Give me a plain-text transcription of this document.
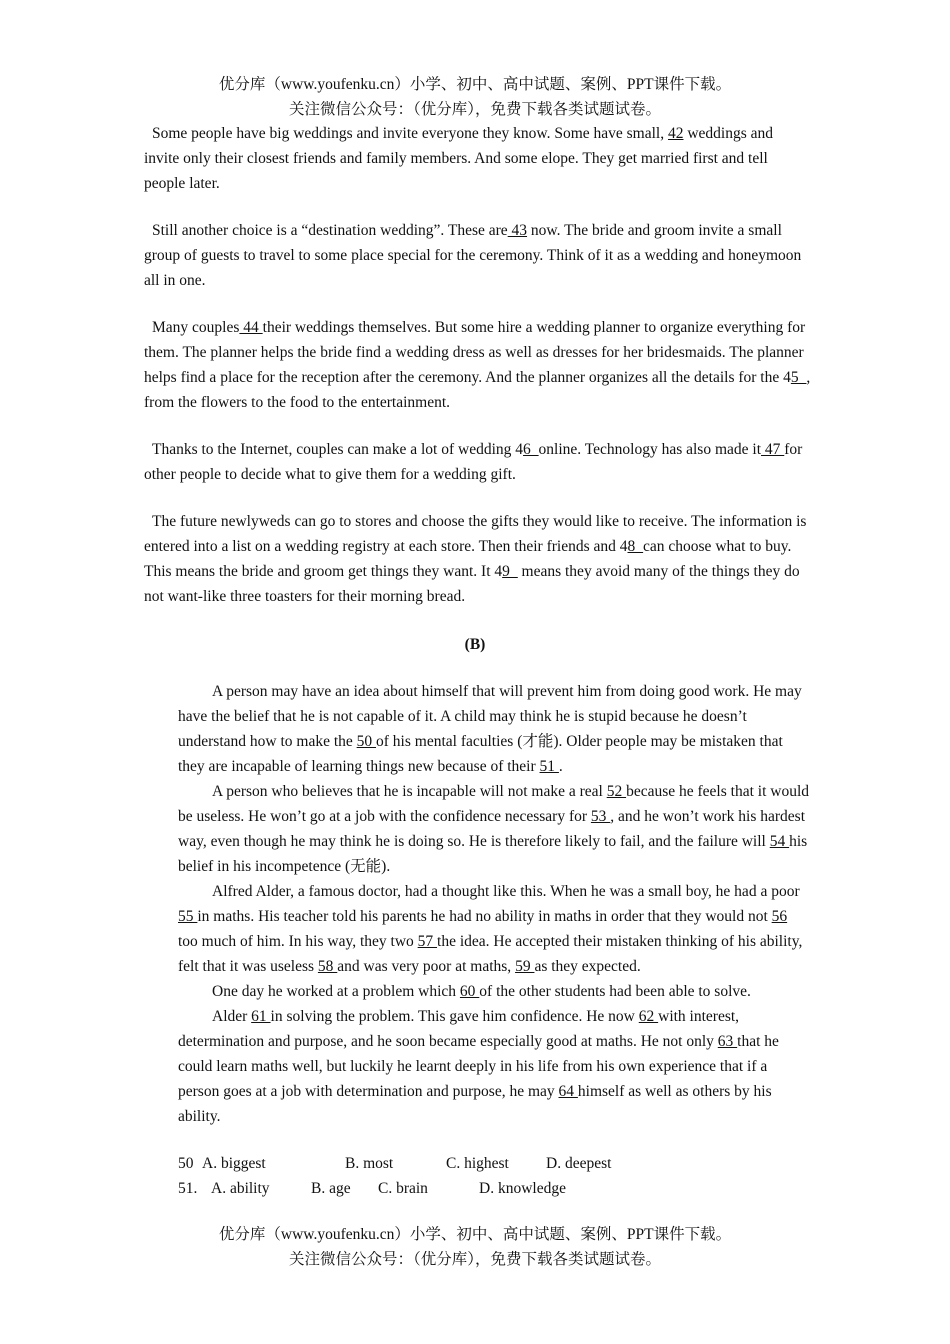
优分库（www.youfenku.cn）小学、初中、高中试题、案例、PPT课件下载。
关注微信公众号：（优分库），免费下载各类试题试卷。

Some people have big weddings and invite everyone they know. Some have small, 42 weddings and invite only their closest friends and family members. And some elope. They get married first and tell people later.

Still another choice is a “destination wedding”. These are 43 now. The bride and groom invite a small group of guests to travel to some place special for the ceremony. Think of it as a wedding and honeymoon all in one.

Many couples 44 their weddings themselves. But some hire a wedding planner to organize everything for them. The planner helps the bride find a wedding dress as well as dresses for her bridesmaids. The planner helps find a place for the reception after the ceremony. And the planner organizes all the details for the 45_, from the flowers to the food to the entertainment.

Thanks to the Internet, couples can make a lot of wedding 46_online. Technology has also made it 47 for other people to decide what to give them for a wedding gift.

The future newlyweds can go to stores and choose the gifts they would like to receive. The information is entered into a list on a wedding registry at each store. Then their friends and 48_can choose what to buy. This means the bride and groom get things they want. It 49_ means they avoid many of the things they do not want-like three toasters for their morning bread.

(B)

A person may have an idea about himself that will prevent him from doing good work. He may have the belief that he is not capable of it. A child may think he is stupid because he doesn’t understand how to make the 50 of his mental faculties (才能). Older people may be mistaken that they are incapable of learning things new because of their 51 .

A person who believes that he is incapable will not make a real 52 because he feels that it would be useless. He won’t go at a job with the confidence necessary for 53 , and he won’t work his hardest way, even though he may think he is doing so. He is therefore likely to fail, and the failure will 54 his belief in his incompetence (无能).

Alfred Alder, a famous doctor, had a thought like this. When he was a small boy, he had a poor 55 in maths. His teacher told his parents he had no ability in maths in order that they would not 56 too much of him. In his way, they two 57 the idea. He accepted their mistaken thinking of his ability, felt that it was useless 58 and was very poor at maths, 59 as they expected.

One day he worked at a problem which 60 of the other students had been able to solve.

Alder 61 in solving the problem. This gave him confidence. He now 62 with interest, determination and purpose, and he soon became especially good at maths. He not only 63 that he could learn maths well, but luckily he learnt deeply in his life from his own experience that if a person goes at a job with determination and purpose, he may 64 himself as well as others by his ability.

50 A. biggest	B. most	C. highest D. deepest
51. A. ability	B. age C. brain	D. knowledge
优分库（www.youfenku.cn）小学、初中、高中试题、案例、PPT课件下载。
关注微信公众号：（优分库），免费下载各类试题试卷。
